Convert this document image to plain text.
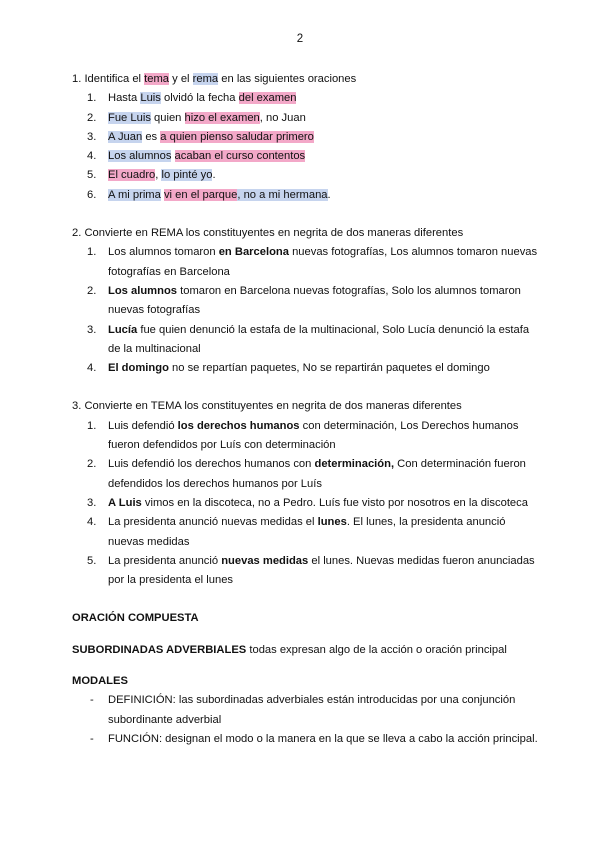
2

1. Identifica el tema y el rema en las siguientes oraciones

1. Hasta Luis olvidó la fecha del examen
2. Fue Luis quien hizo el examen, no Juan
3. A Juan es a quien pienso saludar primero
4. Los alumnos acaban el curso contentos
5. El cuadro, lo pinté yo.
6. A mi prima vi en el parque, no a mi hermana.

2. Convierte en REMA los constituyentes en negrita de dos maneras diferentes

1. Los alumnos tomaron en Barcelona nuevas fotografías, Los alumnos tomaron nuevas fotografías en Barcelona
2. Los alumnos tomaron en Barcelona nuevas fotografías, Solo los alumnos tomaron nuevas fotografías
3. Lucía fue quien denunció la estafa de la multinacional, Solo Lucía denunció la estafa de la multinacional
4. El domingo no se repartían paquetes, No se repartirán paquetes el domingo

3. Convierte en TEMA los constituyentes en negrita de dos maneras diferentes

1. Luis defendió los derechos humanos con determinación, Los Derechos humanos fueron defendidos por Luís con determinación
2. Luis defendió los derechos humanos con determinación, Con determinación fueron defendidos los derechos humanos por Luís
3. A Luis vimos en la discoteca, no a Pedro. Luís fue visto por nosotros en la discoteca
4. La presidenta anunció nuevas medidas el lunes. El lunes, la presidenta anunció nuevas medidas
5. La presidenta anunció nuevas medidas el lunes. Nuevas medidas fueron anunciadas por la presidenta el lunes

ORACIÓN COMPUESTA

SUBORDINADAS ADVERBIALES todas expresan algo de la acción o oración principal

MODALES

- DEFINICIÓN: las subordinadas adverbiales están introducidas por una conjunción subordinante adverbial
- FUNCIÓN: designan el modo o la manera en la que se lleva a cabo la acción principal.
